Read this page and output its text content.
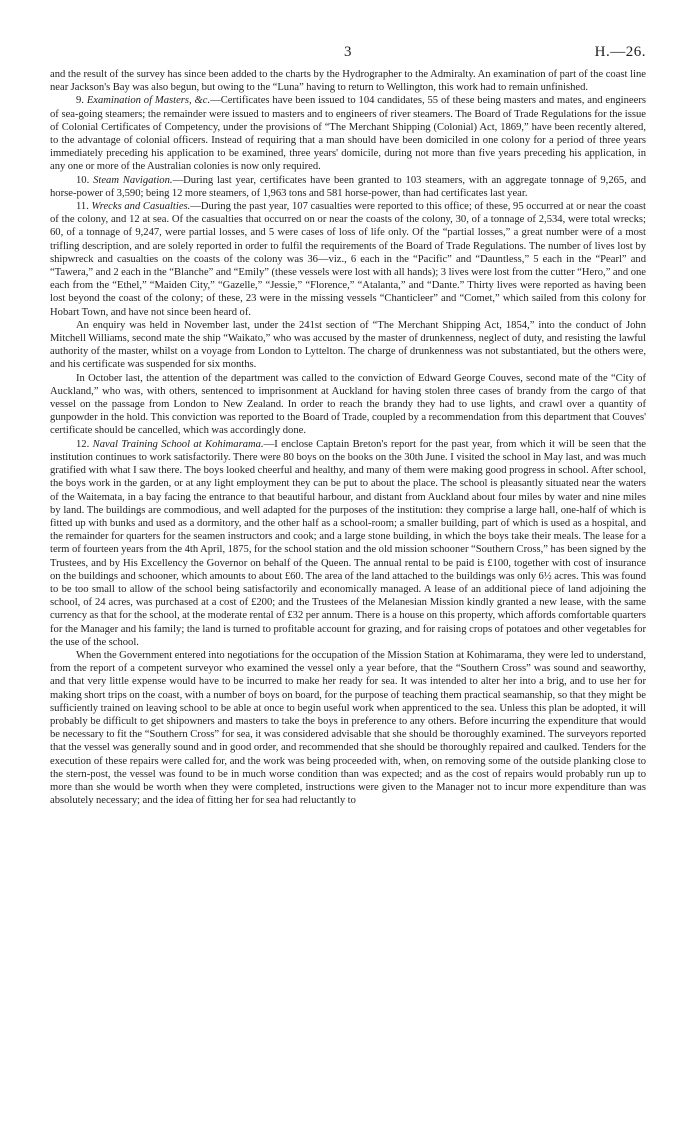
3	H.—26.

and the result of the survey has since been added to the charts by the Hydrographer to the Admiralty. An examination of part of the coast line near Jackson's Bay was also begun, but owing to the “Luna” having to return to Wellington, this work had to remain unfinished.

9. Examination of Masters, &c.—Certificates have been issued to 104 candidates, 55 of these being masters and mates, and engineers of sea-going steamers; the remainder were issued to masters and to engineers of river steamers. The Board of Trade Regulations for the issue of Colonial Certificates of Competency, under the provisions of “The Merchant Shipping (Colonial) Act, 1869,” have been recently altered, to the advantage of colonial officers. Instead of requiring that a man should have been domiciled in one colony for a period of three years immediately preceding his application to be examined, three years' domicile, during not more than five years preceding his application, in any one or more of the Australian colonies is now only required.

10. Steam Navigation.—During last year, certificates have been granted to 103 steamers, with an aggregate tonnage of 9,265, and horse-power of 3,590; being 12 more steamers, of 1,963 tons and 581 horse-power, than had certificates last year.

11. Wrecks and Casualties.—During the past year, 107 casualties were reported to this office; of these, 95 occurred at or near the coast of the colony, and 12 at sea. Of the casualties that occurred on or near the coasts of the colony, 30, of a tonnage of 2,534, were total wrecks; 60, of a tonnage of 9,247, were partial losses, and 5 were cases of loss of life only. Of the “partial losses,” a great number were of a most trifling description, and are solely reported in order to fulfil the requirements of the Board of Trade Regulations. The number of lives lost by shipwreck and casualties on the coasts of the colony was 36—viz., 6 each in the “Pacific” and “Dauntless,” 5 each in the “Pearl” and “Tawera,” and 2 each in the “Blanche” and “Emily” (these vessels were lost with all hands); 3 lives were lost from the cutter “Hero,” and one each from the “Ethel,” “Maiden City,” “Gazelle,” “Jessie,” “Florence,” “Atalanta,” and “Dante.” Thirty lives were reported as having been lost beyond the coast of the colony; of these, 23 were in the missing vessels “Chanticleer” and “Comet,” which sailed from this colony for Hobart Town, and have not since been heard of.

An enquiry was held in November last, under the 241st section of “The Merchant Shipping Act, 1854,” into the conduct of John Mitchell Williams, second mate the ship “Waikato,” who was accused by the master of drunkenness, neglect of duty, and resisting the lawful authority of the master, whilst on a voyage from London to Lyttelton. The charge of drunkenness was not substantiated, but the others were, and his certificate was suspended for six months.

In October last, the attention of the department was called to the conviction of Edward George Couves, second mate of the “City of Auckland,” who was, with others, sentenced to imprisonment at Auckland for having stolen three cases of brandy from the cargo of that vessel on the passage from London to New Zealand. In order to reach the brandy they had to use lights, and crawl over a quantity of gunpowder in the hold. This conviction was reported to the Board of Trade, coupled by a recommendation from this department that Couves' certificate should be cancelled, which was accordingly done.

12. Naval Training School at Kohimarama.—I enclose Captain Breton's report for the past year, from which it will be seen that the institution continues to work satisfactorily. There were 80 boys on the books on the 30th June. I visited the school in May last, and was much gratified with what I saw there. The boys looked cheerful and healthy, and many of them were making good progress in school. After school, the boys work in the garden, or at any light employment they can be put to about the place. The school is pleasantly situated near the waters of the Waitemata, in a bay facing the entrance to that beautiful harbour, and distant from Auckland about four miles by water and nine miles by land. The buildings are commodious, and well adapted for the purposes of the institution: they comprise a large hall, one-half of which is fitted up with bunks and used as a dormitory, and the other half as a school-room; a smaller building, part of which is used as a hospital, and the remainder for quarters for the seamen instructors and cook; and a large stone building, in which the boys take their meals. The lease for a term of fourteen years from the 4th April, 1875, for the school station and the old mission schooner “Southern Cross,” has been signed by the Trustees, and by His Excellency the Governor on behalf of the Queen. The annual rental to be paid is £100, together with cost of insurance on the buildings and schooner, which amounts to about £60. The area of the land attached to the buildings was only 6½ acres. This was found to be too small to allow of the school being satisfactorily and economically managed. A lease of an additional piece of land adjoining the school, of 24 acres, was purchased at a cost of £200; and the Trustees of the Melanesian Mission kindly granted a new lease, with the same currency as that for the school, at the moderate rental of £32 per annum. There is a house on this property, which affords comfortable quarters for the Manager and his family; the land is turned to profitable account for grazing, and for raising crops of potatoes and other vegetables for the use of the school.

When the Government entered into negotiations for the occupation of the Mission Station at Kohimarama, they were led to understand, from the report of a competent surveyor who examined the vessel only a year before, that the “Southern Cross” was sound and seaworthy, and that very little expense would have to be incurred to make her ready for sea. It was intended to alter her into a brig, and to use her for making short trips on the coast, with a number of boys on board, for the purpose of teaching them practical seamanship, so that they might be sufficiently trained on leaving school to be able at once to begin useful work when apprenticed to the sea. Unless this plan be adopted, it will probably be difficult to get shipowners and masters to take the boys in preference to any others. Before incurring the expenditure that would be necessary to fit the “Southern Cross” for sea, it was considered advisable that she should be thoroughly examined. The surveyors reported that the vessel was generally sound and in good order, and recommended that she should be thoroughly repaired and caulked. Tenders for the execution of these repairs were called for, and the work was being proceeded with, when, on removing some of the outside planking close to the stern-post, the vessel was found to be in much worse condition than was expected; and as the cost of repairs would probably run up to more than she would be worth when they were completed, instructions were given to the Manager not to incur more expenditure than was absolutely necessary; and the idea of fitting her for sea had reluctantly to
